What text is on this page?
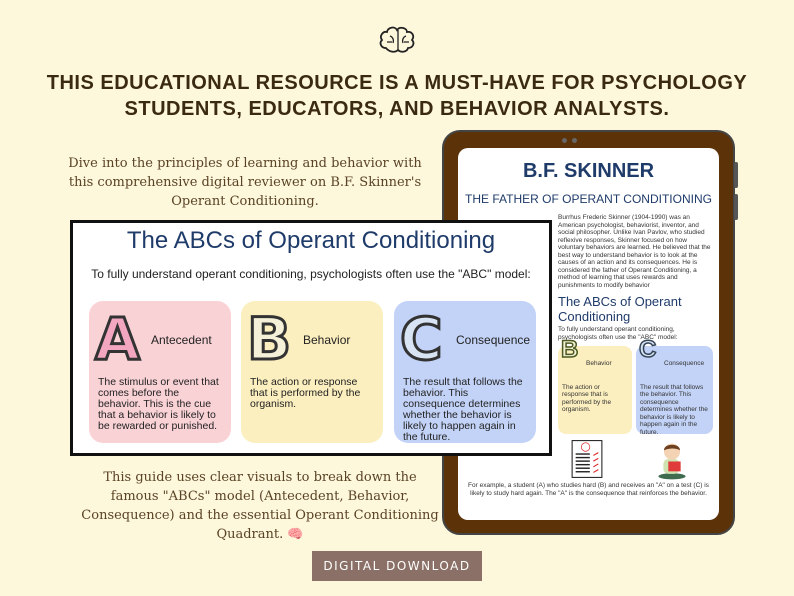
THIS EDUCATIONAL RESOURCE IS A MUST-HAVE FOR PSYCHOLOGY STUDENTS, EDUCATORS, AND BEHAVIOR ANALYSTS.
Dive into the principles of learning and behavior with this comprehensive digital reviewer on B.F. Skinner's Operant Conditioning.
B.F. SKINNER
THE FATHER OF OPERANT CONDITIONING
Burrhus Frederic Skinner (1904-1990) was an American psychologist, behaviorist, inventor, and social philosopher. Unlike Ivan Pavlov, who studied reflexive responses, Skinner focused on how voluntary behaviors are learned. He believed that the best way to understand behavior is to look at the causes of an action and its consequences. He is considered the father of Operant Conditioning, a method of learning that uses rewards and punishments to modify behavior
The ABCs of Operant Conditioning
To fully understand operant conditioning, psychologists often use the "ABC" model:
B
Behavior
The action or response that is performed by the organism.
C
Consequence
The result that follows the behavior. This consequence determines whether the behavior is likely to happen again in the future.
For example, a student (A) who studies hard (B) and receives an "A" on a test (C) is likely to study hard again. The "A" is the consequence that reinforces the behavior.
The ABCs of Operant Conditioning
To fully understand operant conditioning, psychologists often use the "ABC" model:
A Antecedent
The stimulus or event that comes before the behavior. This is the cue that a behavior is likely to be rewarded or punished.
B Behavior
The action or response that is performed by the organism.
C Consequence
The result that follows the behavior. This consequence determines whether the behavior is likely to happen again in the future.
This guide uses clear visuals to break down the famous "ABCs" model (Antecedent, Behavior, Consequence) and the essential Operant Conditioning Quadrant. 🧠
DIGITAL DOWNLOAD
